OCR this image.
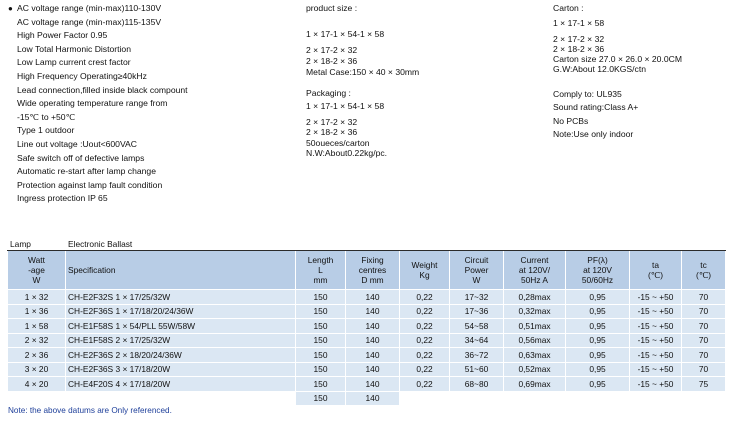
● AC voltage range (min-max)110-130V
AC voltage range (min-max)115-135V
High Power Factor 0.95
Low Total Harmonic Distortion
Low Lamp current crest factor
High Frequency Operating≥40kHz
Lead connection,filled inside black compount
Wide operating temperature range from
-15℃ to +50℃
Type 1 outdoor
Line out voltage :Uout<600VAC
Safe switch off of defective lamps
Automatic re-start after lamp change
Protection against lamp fault condition
Ingress protection IP 65
product size :
1 × 17-1 × 54-1 × 58
2 × 17-2 × 32
2 × 18-2 × 36
Metal Case:150 × 40 × 30mm
Packaging :
1 × 17-1 × 54-1 × 58
2 × 17-2 × 32
2 × 18-2 × 36
50oueces/carton
N.W:About0.22kg/pc.
Carton :
1 × 17-1 × 58
2 × 17-2 × 32
2 × 18-2 × 36
Carton size 27.0 × 26.0 × 20.0CM
G.W:About 12.0KGS/ctn
Comply to: UL935
Sound rating:Class A+
No PCBs
Note:Use only indoor
Lamp	Electronic Ballast								
Watt
-age
W	Specification	Length
L
mm	Fixing
centres
D mm	Weight
Kg	Circuit
Power
W	Current
at 120V/
50Hz A	PF(λ)
at 120V
50/60Hz	ta
(℃)	tc
(℃)
1 × 32	CH-E2F32S 1 × 17/25/32W	150	140	0,22	17~32	0,28max	0,95	-15 ~ +50	70
1 × 36	CH-E2F36S 1 × 17/18/20/24/36W	150	140	0,22	17~36	0,32max	0,95	-15 ~ +50	70
1 × 58	CH-E1F58S 1 × 54/PLL 55W/58W	150	140	0,22	54~58	0,51max	0,95	-15 ~ +50	70
2 × 32	CH-E1F58S 2 × 17/25/32W	150	140	0,22	34~64	0,56max	0,95	-15 ~ +50	70
2 × 36	CH-E2F36S 2 × 18/20/24/36W	150	140	0,22	36~72	0,63max	0,95	-15 ~ +50	70
3 × 20	CH-E2F36S 3 × 17/18/20W	150	140	0,22	51~60	0,52max	0,95	-15 ~ +50	70
4 × 20	CH-E4F20S 4 × 17/18/20W	150	140	0,22	68~80	0,69max	0,95	-15 ~ +50	75
		150	140						
Note: the above datums are Only referenced.
